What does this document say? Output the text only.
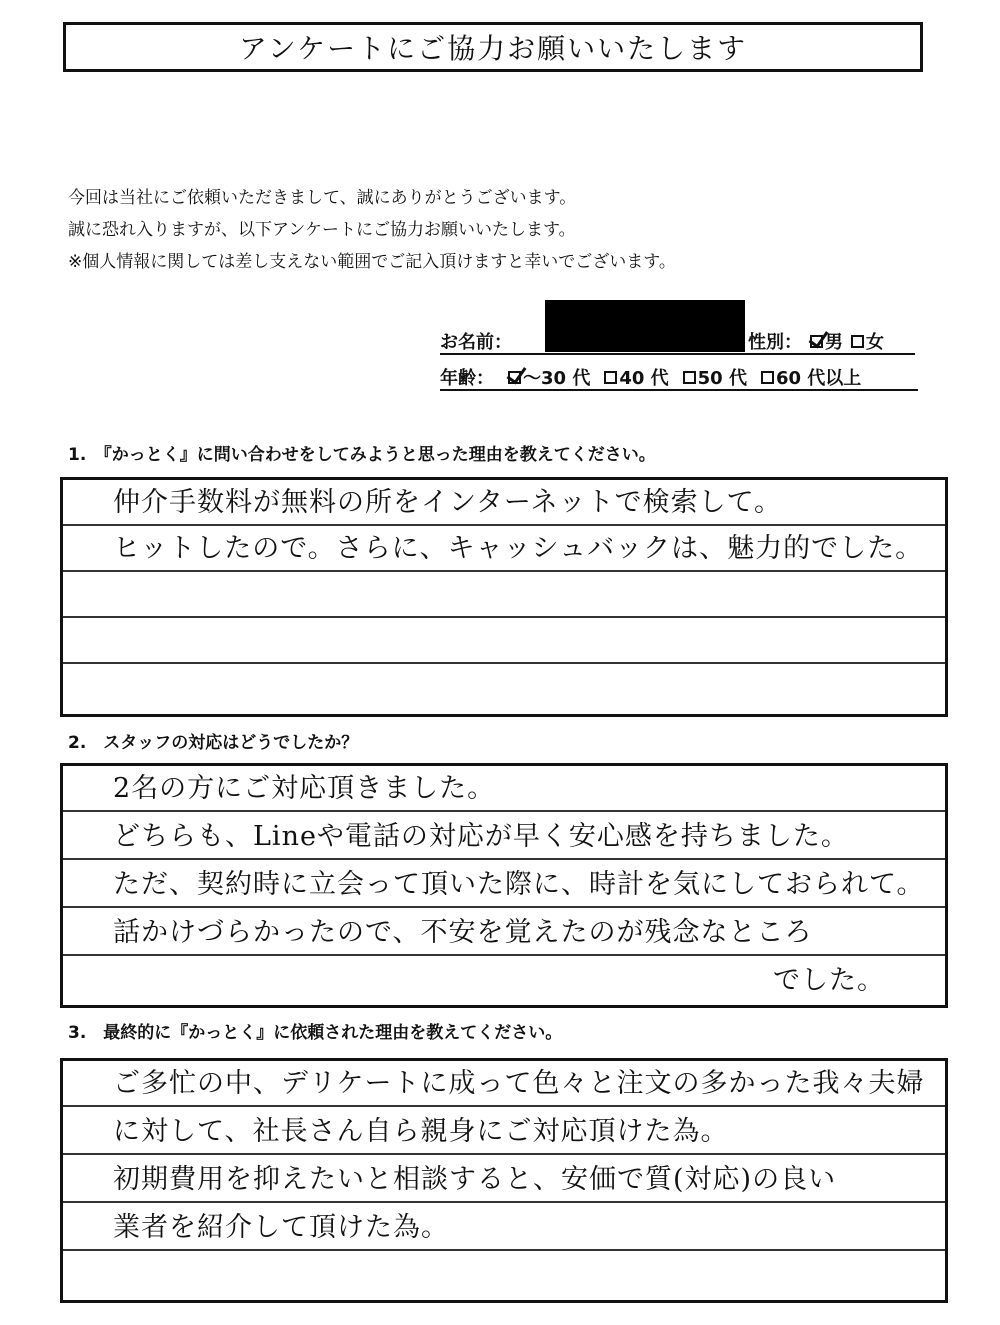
アンケートにご協力お願いいたします
今回は当社にご依頼いただきまして、誠にありがとうございます。
誠に恐れ入りますが、以下アンケートにご協力お願いいたします。
※個人情報に関しては差し支えない範囲でご記入頂けますと幸いでございます。
お名前：	性別： 男 女
年齢： 〜30 代 40 代 50 代 60 代以上
1.　『かっとく』に問い合わせをしてみようと思った理由を教えてください。
仲介手数料が無料の所をインターネットで検索して。
ヒットしたので。さらに、キャッシュバックは、魅力的でした。
2.　スタッフの対応はどうでしたか？
2名の方にご対応頂きました。
どちらも、Lineや電話の対応が早く安心感を持ちました。
ただ、契約時に立会って頂いた際に、時計を気にしておられて。
話かけづらかったので、不安を覚えたのが残念なところ
でした。
3.　最終的に『かっとく』に依頼された理由を教えてください。
ご多忙の中、デリケートに成って色々と注文の多かった我々夫婦
に対して、社長さん自ら親身にご対応頂けた為。
初期費用を抑えたいと相談すると、安価で質(対応)の良い
業者を紹介して頂けた為。
